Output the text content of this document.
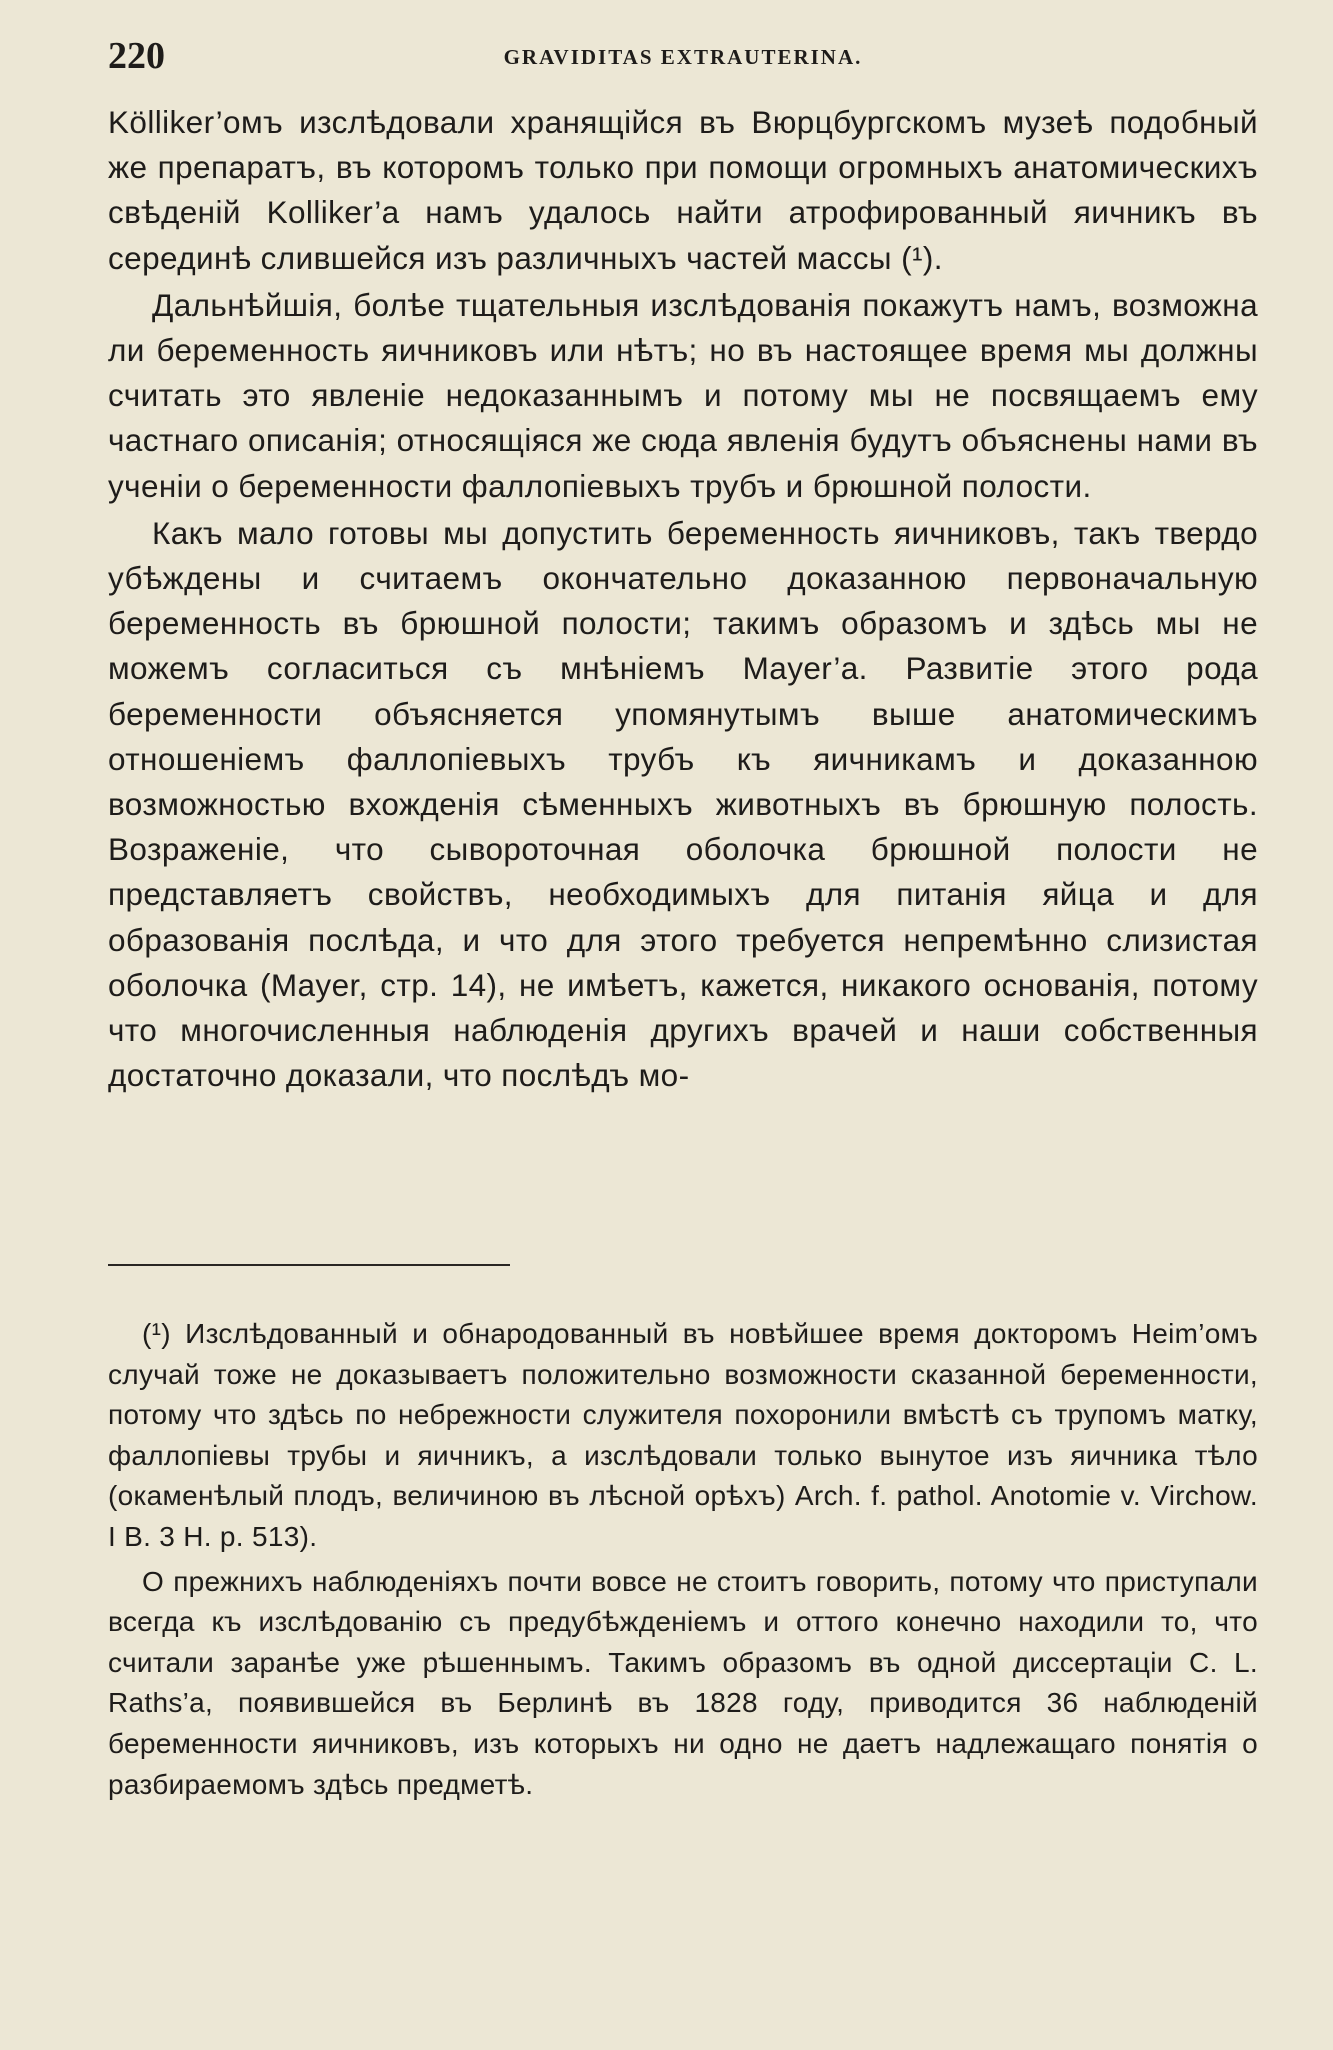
220	GRAVIDITAS EXTRAUTERINA.

Kölliker’омъ изслѣдовали хранящійся въ Вюрцбургскомъ музеѣ подобный же препаратъ, въ которомъ только при помощи огромныхъ анатомическихъ свѣденій Kolliker’а намъ удалось найти атрофированный яичникъ въ серединѣ слившейся изъ различныхъ частей массы (¹).

Дальнѣйшія, болѣе тщательныя изслѣдованія покажутъ намъ, возможна ли беременность яичниковъ или нѣтъ; но въ настоящее время мы должны считать это явленіе недоказаннымъ и потому мы не посвящаемъ ему частнаго описанія; относящіяся же сюда явленія будутъ объяснены нами въ ученіи о беременности фаллопіевыхъ трубъ и брюшной полости.

Какъ мало готовы мы допустить беременность яичниковъ, такъ твердо убѣждены и считаемъ окончательно доказанною первоначальную беременность въ брюшной полости; такимъ образомъ и здѣсь мы не можемъ согласиться съ мнѣніемъ Mayer’а. Развитіе этого рода беременности объясняется упомянутымъ выше анатомическимъ отношеніемъ фаллопіевыхъ трубъ къ яичникамъ и доказанною возможностью вхожденія сѣменныхъ животныхъ въ брюшную полость. Возраженіе, что сывороточная оболочка брюшной полости не представляетъ свойствъ, необходимыхъ для питанія яйца и для образованія послѣда, и что для этого требуется непремѣнно слизистая оболочка (Mayer, стр. 14), не имѣетъ, кажется, никакого основанія, потому что многочисленныя наблюденія другихъ врачей и наши собственныя достаточно доказали, что послѣдъ мо-

(¹) Изслѣдованный и обнародованный въ новѣйшее время докторомъ Heim’омъ случай тоже не доказываетъ положительно возможности сказанной беременности, потому что здѣсь по небрежности служителя похоронили вмѣстѣ съ трупомъ матку, фаллопіевы трубы и яичникъ, а изслѣдовали только вынутое изъ яичника тѣло (окаменѣлый плодъ, величиною въ лѣсной орѣхъ) Arch. f. pathol. Anotomie v. Virchow. I B. 3 H. p. 513).

О прежнихъ наблюденіяхъ почти вовсе не стоитъ говорить, потому что приступали всегда къ изслѣдованію съ предубѣжденіемъ и оттого конечно находили то, что считали заранѣе уже рѣшеннымъ. Такимъ образомъ въ одной диссертаціи C. L. Raths’а, появившейся въ Берлинѣ въ 1828 году, приводится 36 наблюденій беременности яичниковъ, изъ которыхъ ни одно не даетъ надлежащаго понятія о разбираемомъ здѣсь предметѣ.
